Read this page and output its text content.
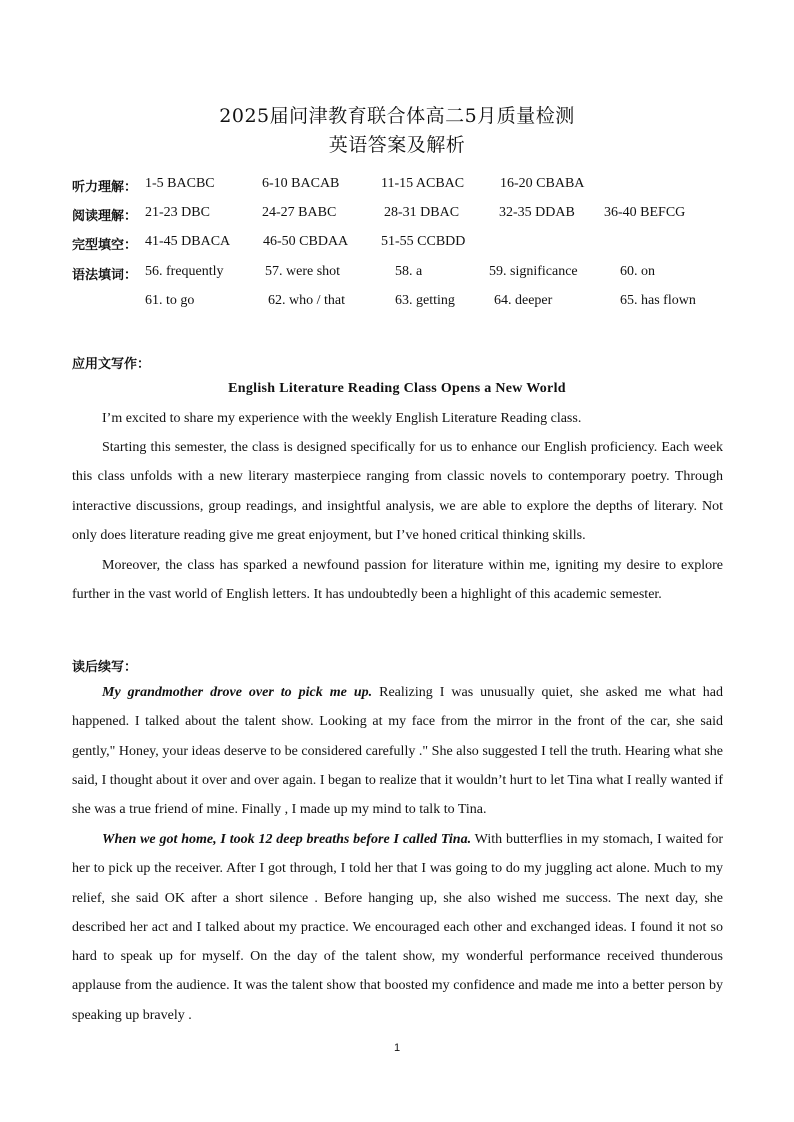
2025届问津教育联合体高二5月质量检测
英语答案及解析
听力理解： 1-5 BACBC	6-10 BACAB	11-15 ACBAC	16-20 CBABA
阅读理解： 21-23 DBC	24-27 BABC	28-31 DBAC	32-35 DDAB 36-40 BEFCG
完型填空： 41-45 DBACA 46-50 CBDAA 51-55 CCBDD
语法填词： 56. frequently	57. were shot	58. a	59. significance	60. on
61. to go	62. who / that	63. getting	64. deeper	65. has flown
应用文写作：
English Literature Reading Class Opens a New World

I’m excited to share my experience with the weekly English Literature Reading class.

Starting this semester, the class is designed specifically for us to enhance our English proficiency. Each week this class unfolds with a new literary masterpiece ranging from classic novels to contemporary poetry. Through interactive discussions, group readings, and insightful analysis, we are able to explore the depths of literary. Not only does literature reading give me great enjoyment, but I’ve honed critical thinking skills.

Moreover, the class has sparked a newfound passion for literature within me, igniting my desire to explore further in the vast world of English letters. It has undoubtedly been a highlight of this academic semester.

读后续写：

My grandmother drove over to pick me up. Realizing I was unusually quiet, she asked me what had happened. I talked about the talent show. Looking at my face from the mirror in the front of the car, she said gently," Honey, your ideas deserve to be considered carefully ." She also suggested I tell the truth. Hearing what she said, I thought about it over and over again. I began to realize that it wouldn’t hurt to let Tina what I really wanted if she was a true friend of mine. Finally , I made up my mind to talk to Tina.

When we got home, I took 12 deep breaths before I called Tina. With butterflies in my stomach, I waited for her to pick up the receiver. After I got through, I told her that I was going to do my juggling act alone. Much to my relief, she said OK after a short silence . Before hanging up, she also wished me success. The next day, she described her act and I talked about my practice. We encouraged each other and exchanged ideas. I found it not so hard to speak up for myself. On the day of the talent show, my wonderful performance received thunderous applause from the audience. It was the talent show that boosted my confidence and made me into a better person by speaking up bravely .

1
